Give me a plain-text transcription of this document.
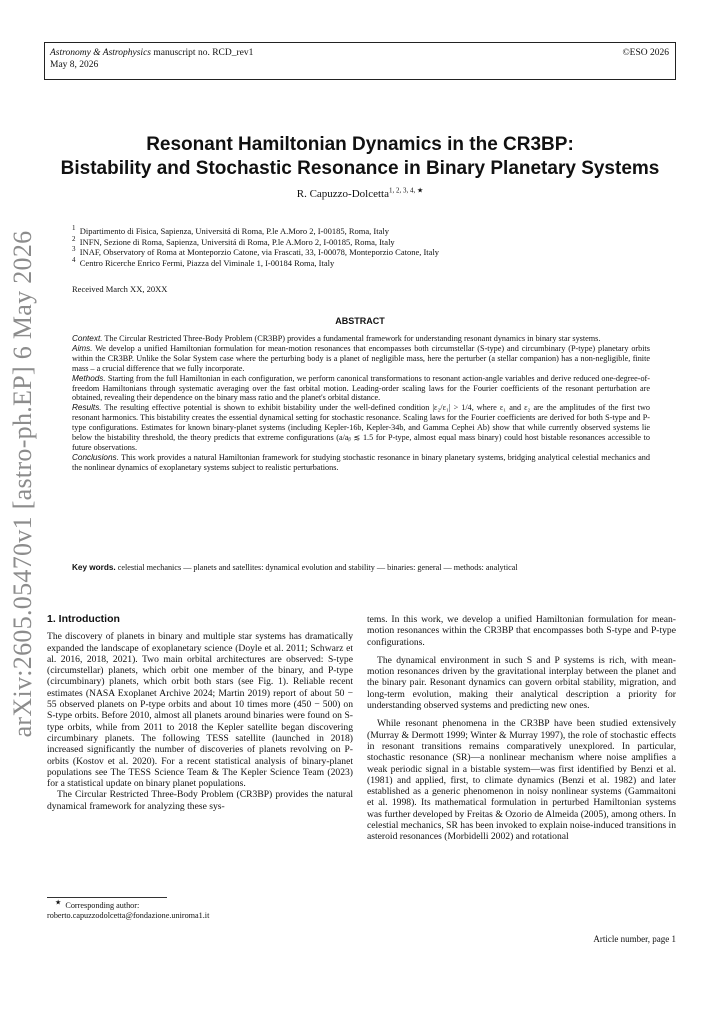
Astronomy & Astrophysics manuscript no. RCD_rev1
May 8, 2026
©ESO 2026
arXiv:2605.05470v1 [astro-ph.EP] 6 May 2026
Resonant Hamiltonian Dynamics in the CR3BP:
Bistability and Stochastic Resonance in Binary Planetary Systems
R. Capuzzo-Dolcetta$^{1, 2, 3, 4, ★}$
$^1$ Dipartimento di Fisica, Sapienza, Universitá di Roma, P.le A.Moro 2, I-00185, Roma, Italy
$^2$ INFN, Sezione di Roma, Sapienza, Universitá di Roma, P.le A.Moro 2, I-00185, Roma, Italy
$^3$ INAF, Observatory of Roma at Monteporzio Catone, via Frascati, 33, I-00078, Monteporzio Catone, Italy
$^4$ Centro Ricerche Enrico Fermi, Piazza del Viminale 1, I-00184 Roma, Italy
Received March XX, 20XX
ABSTRACT

Context. The Circular Restricted Three-Body Problem (CR3BP) provides a fundamental framework for understanding resonant dynamics in binary star systems.

Aims. We develop a unified Hamiltonian formulation for mean-motion resonances that encompasses both circumstellar (S-type) and circumbinary (P-type) planetary orbits within the CR3BP. Unlike the Solar System case where the perturbing body is a planet of negligible mass, here the perturber (a stellar companion) has a non-negligible, finite mass – a crucial difference that we fully incorporate.

Methods. Starting from the full Hamiltonian in each configuration, we perform canonical transformations to resonant action-angle variables and derive reduced one-degree-of-freedom Hamiltonians through systematic averaging over the fast orbital motion. Leading-order scaling laws for the Fourier coefficients of the resonant perturbation are obtained, revealing their dependence on the binary mass ratio and the planet's orbital distance.

Results. The resulting effective potential is shown to exhibit bistability under the well-defined condition |ε₂/ε₁| > 1/4, where ε₁ and ε₂ are the amplitudes of the first two resonant harmonics. This bistability creates the essential dynamical setting for stochastic resonance. Scaling laws for the Fourier coefficients are derived for both S-type and P-type configurations. Estimates for known binary-planet systems (including Kepler-16b, Kepler-34b, and Gamma Cephei Ab) show that while currently observed systems lie below the bistability threshold, the theory predicts that extreme configurations (a/aᵦ ≲ 1.5 for P-type, almost equal mass binary) could host bistable resonances accessible to future observations.

Conclusions. This work provides a natural Hamiltonian framework for studying stochastic resonance in binary planetary systems, bridging analytical celestial mechanics and the nonlinear dynamics of exoplanetary systems subject to realistic perturbations.

Key words. celestial mechanics — planets and satellites: dynamical evolution and stability — binaries: general — methods: analytical
1. Introduction

The discovery of planets in binary and multiple star systems has dramatically expanded the landscape of exoplanetary science (Doyle et al. 2011; Schwarz et al. 2016, 2018, 2021). Two main orbital architectures are observed: S-type (circumstellar) planets, which orbit one member of the binary, and P-type (circumbinary) planets, which orbit both stars (see Fig. 1). Reliable recent estimates (NASA Exoplanet Archive 2024; Martin 2019) report of about 50 − 55 observed planets on P-type orbits and about 10 times more (450 − 500) on S-type orbits. Before 2010, almost all planets around binaries were found on S-type orbits, while from 2011 to 2018 the Kepler satellite began discovering circumbinary planets. The following TESS satellite (launched in 2018) increased significantly the number of discoveries of planets revolving on P-orbits (Kostov et al. 2020). For a recent statistical analysis of binary-planet populations see The TESS Science Team & The Kepler Science Team (2023) for a statistical update on binary planet populations.

The Circular Restricted Three-Body Problem (CR3BP) provides the natural dynamical framework for analyzing these sys-

★ Corresponding author:
roberto.capuzzodolcetta@fondazione.uniroma1.it

tems. In this work, we develop a unified Hamiltonian formulation for mean-motion resonances within the CR3BP that encompasses both S-type and P-type configurations.

The dynamical environment in such S and P systems is rich, with mean-motion resonances driven by the gravitational interplay between the planet and the binary pair. Resonant dynamics can govern orbital stability, migration, and long-term evolution, making their analytical description a priority for understanding observed systems and predicting new ones.

While resonant phenomena in the CR3BP have been studied extensively (Murray & Dermott 1999; Winter & Murray 1997), the role of stochastic effects in resonant transitions remains comparatively unexplored. In particular, stochastic resonance (SR)—a nonlinear mechanism where noise amplifies a weak periodic signal in a bistable system—was first identified by Benzi et al. (1981) and applied, first, to climate dynamics (Benzi et al. 1982) and later established as a generic phenomenon in noisy nonlinear systems (Gammaitoni et al. 1998). Its mathematical formulation in perturbed Hamiltonian systems was further developed by Freitas & Ozorio de Almeida (2005), among others. In celestial mechanics, SR has been invoked to explain noise-induced transitions in asteroid resonances (Morbidelli 2002) and rotational

Article number, page 1
